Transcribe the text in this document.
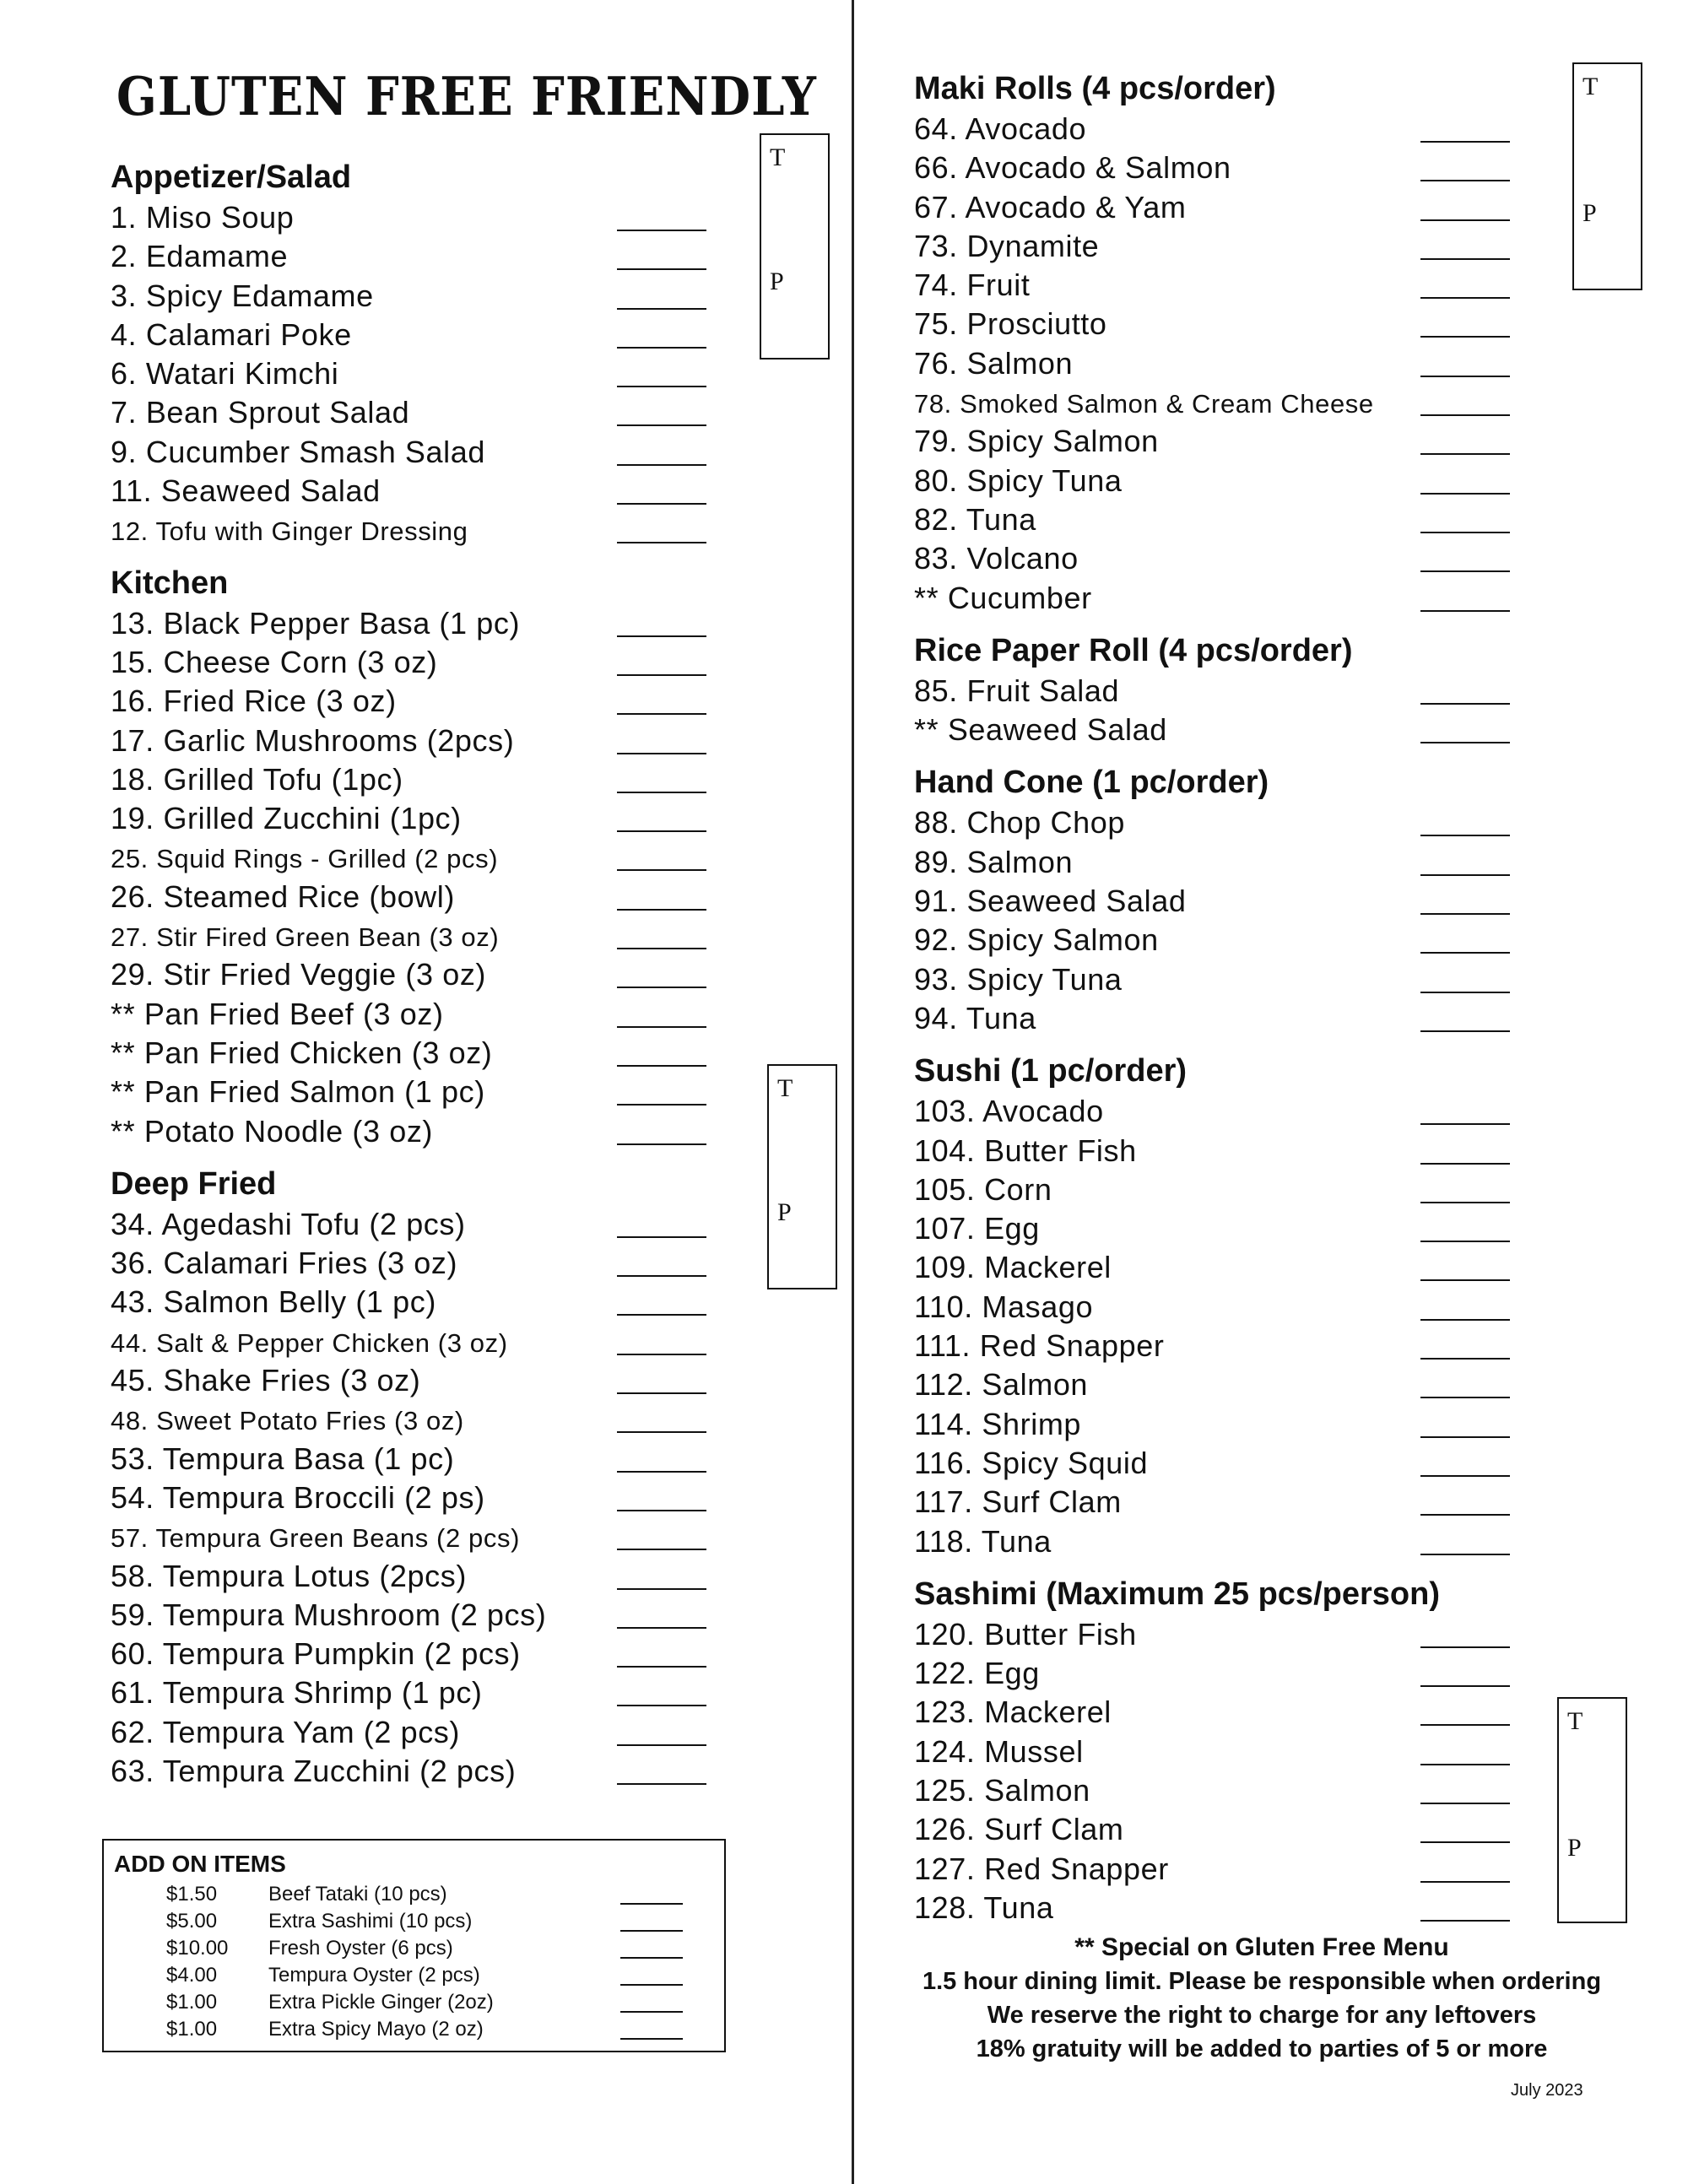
GLUTEN FREE FRIENDLY
Appetizer/Salad
1. Miso Soup
2. Edamame
3. Spicy Edamame
4. Calamari Poke
6. Watari Kimchi
7. Bean Sprout Salad
9. Cucumber Smash Salad
11. Seaweed Salad
12. Tofu with Ginger Dressing
Kitchen
13. Black Pepper Basa (1 pc)
15. Cheese Corn (3 oz)
16. Fried Rice (3 oz)
17. Garlic Mushrooms (2pcs)
18. Grilled Tofu (1pc)
19. Grilled Zucchini (1pc)
25. Squid Rings - Grilled (2 pcs)
26. Steamed Rice (bowl)
27. Stir Fired Green Bean (3 oz)
29. Stir Fried Veggie (3 oz)
** Pan Fried Beef (3 oz)
** Pan Fried Chicken (3 oz)
** Pan Fried Salmon (1 pc)
** Potato Noodle (3 oz)
Deep Fried
34. Agedashi Tofu (2 pcs)
36. Calamari Fries (3 oz)
43. Salmon Belly (1 pc)
44. Salt & Pepper Chicken (3 oz)
45. Shake Fries (3 oz)
48. Sweet Potato Fries (3 oz)
53. Tempura Basa (1 pc)
54. Tempura Broccili (2 ps)
57. Tempura Green Beans (2 pcs)
58. Tempura Lotus (2pcs)
59. Tempura Mushroom (2 pcs)
60. Tempura Pumpkin (2 pcs)
61. Tempura Shrimp (1 pc)
62. Tempura Yam (2 pcs)
63. Tempura Zucchini (2 pcs)
Maki Rolls (4 pcs/order)
64. Avocado
66. Avocado & Salmon
67. Avocado & Yam
73. Dynamite
74. Fruit
75. Prosciutto
76. Salmon
78. Smoked Salmon & Cream Cheese
79. Spicy Salmon
80. Spicy Tuna
82. Tuna
83. Volcano
** Cucumber
Rice Paper Roll (4 pcs/order)
85. Fruit Salad
** Seaweed Salad
Hand Cone (1 pc/order)
88. Chop Chop
89. Salmon
91. Seaweed Salad
92. Spicy Salmon
93. Spicy Tuna
94. Tuna
Sushi (1 pc/order)
103. Avocado
104. Butter Fish
105. Corn
107. Egg
109. Mackerel
110. Masago
111. Red Snapper
112. Salmon
114. Shrimp
116. Spicy Squid
117. Surf Clam
118. Tuna
Sashimi (Maximum 25 pcs/person)
120. Butter Fish
122. Egg
123. Mackerel
124. Mussel
125. Salmon
126. Surf Clam
127. Red Snapper
128. Tuna
T
P
T
P
T
P
T
P
ADD ON ITEMS
$1.50	Beef Tataki (10 pcs)
$5.00	Extra Sashimi (10 pcs)
$10.00 Fresh Oyster (6 pcs)
$4.00	Tempura Oyster (2 pcs)
$1.00	Extra Pickle Ginger (2oz)
$1.00	Extra Spicy Mayo (2 oz)
** Special on Gluten Free Menu
1.5 hour dining limit. Please be responsible when ordering
We reserve the right to charge for any leftovers
18% gratuity will be added to parties of 5 or more
July 2023
